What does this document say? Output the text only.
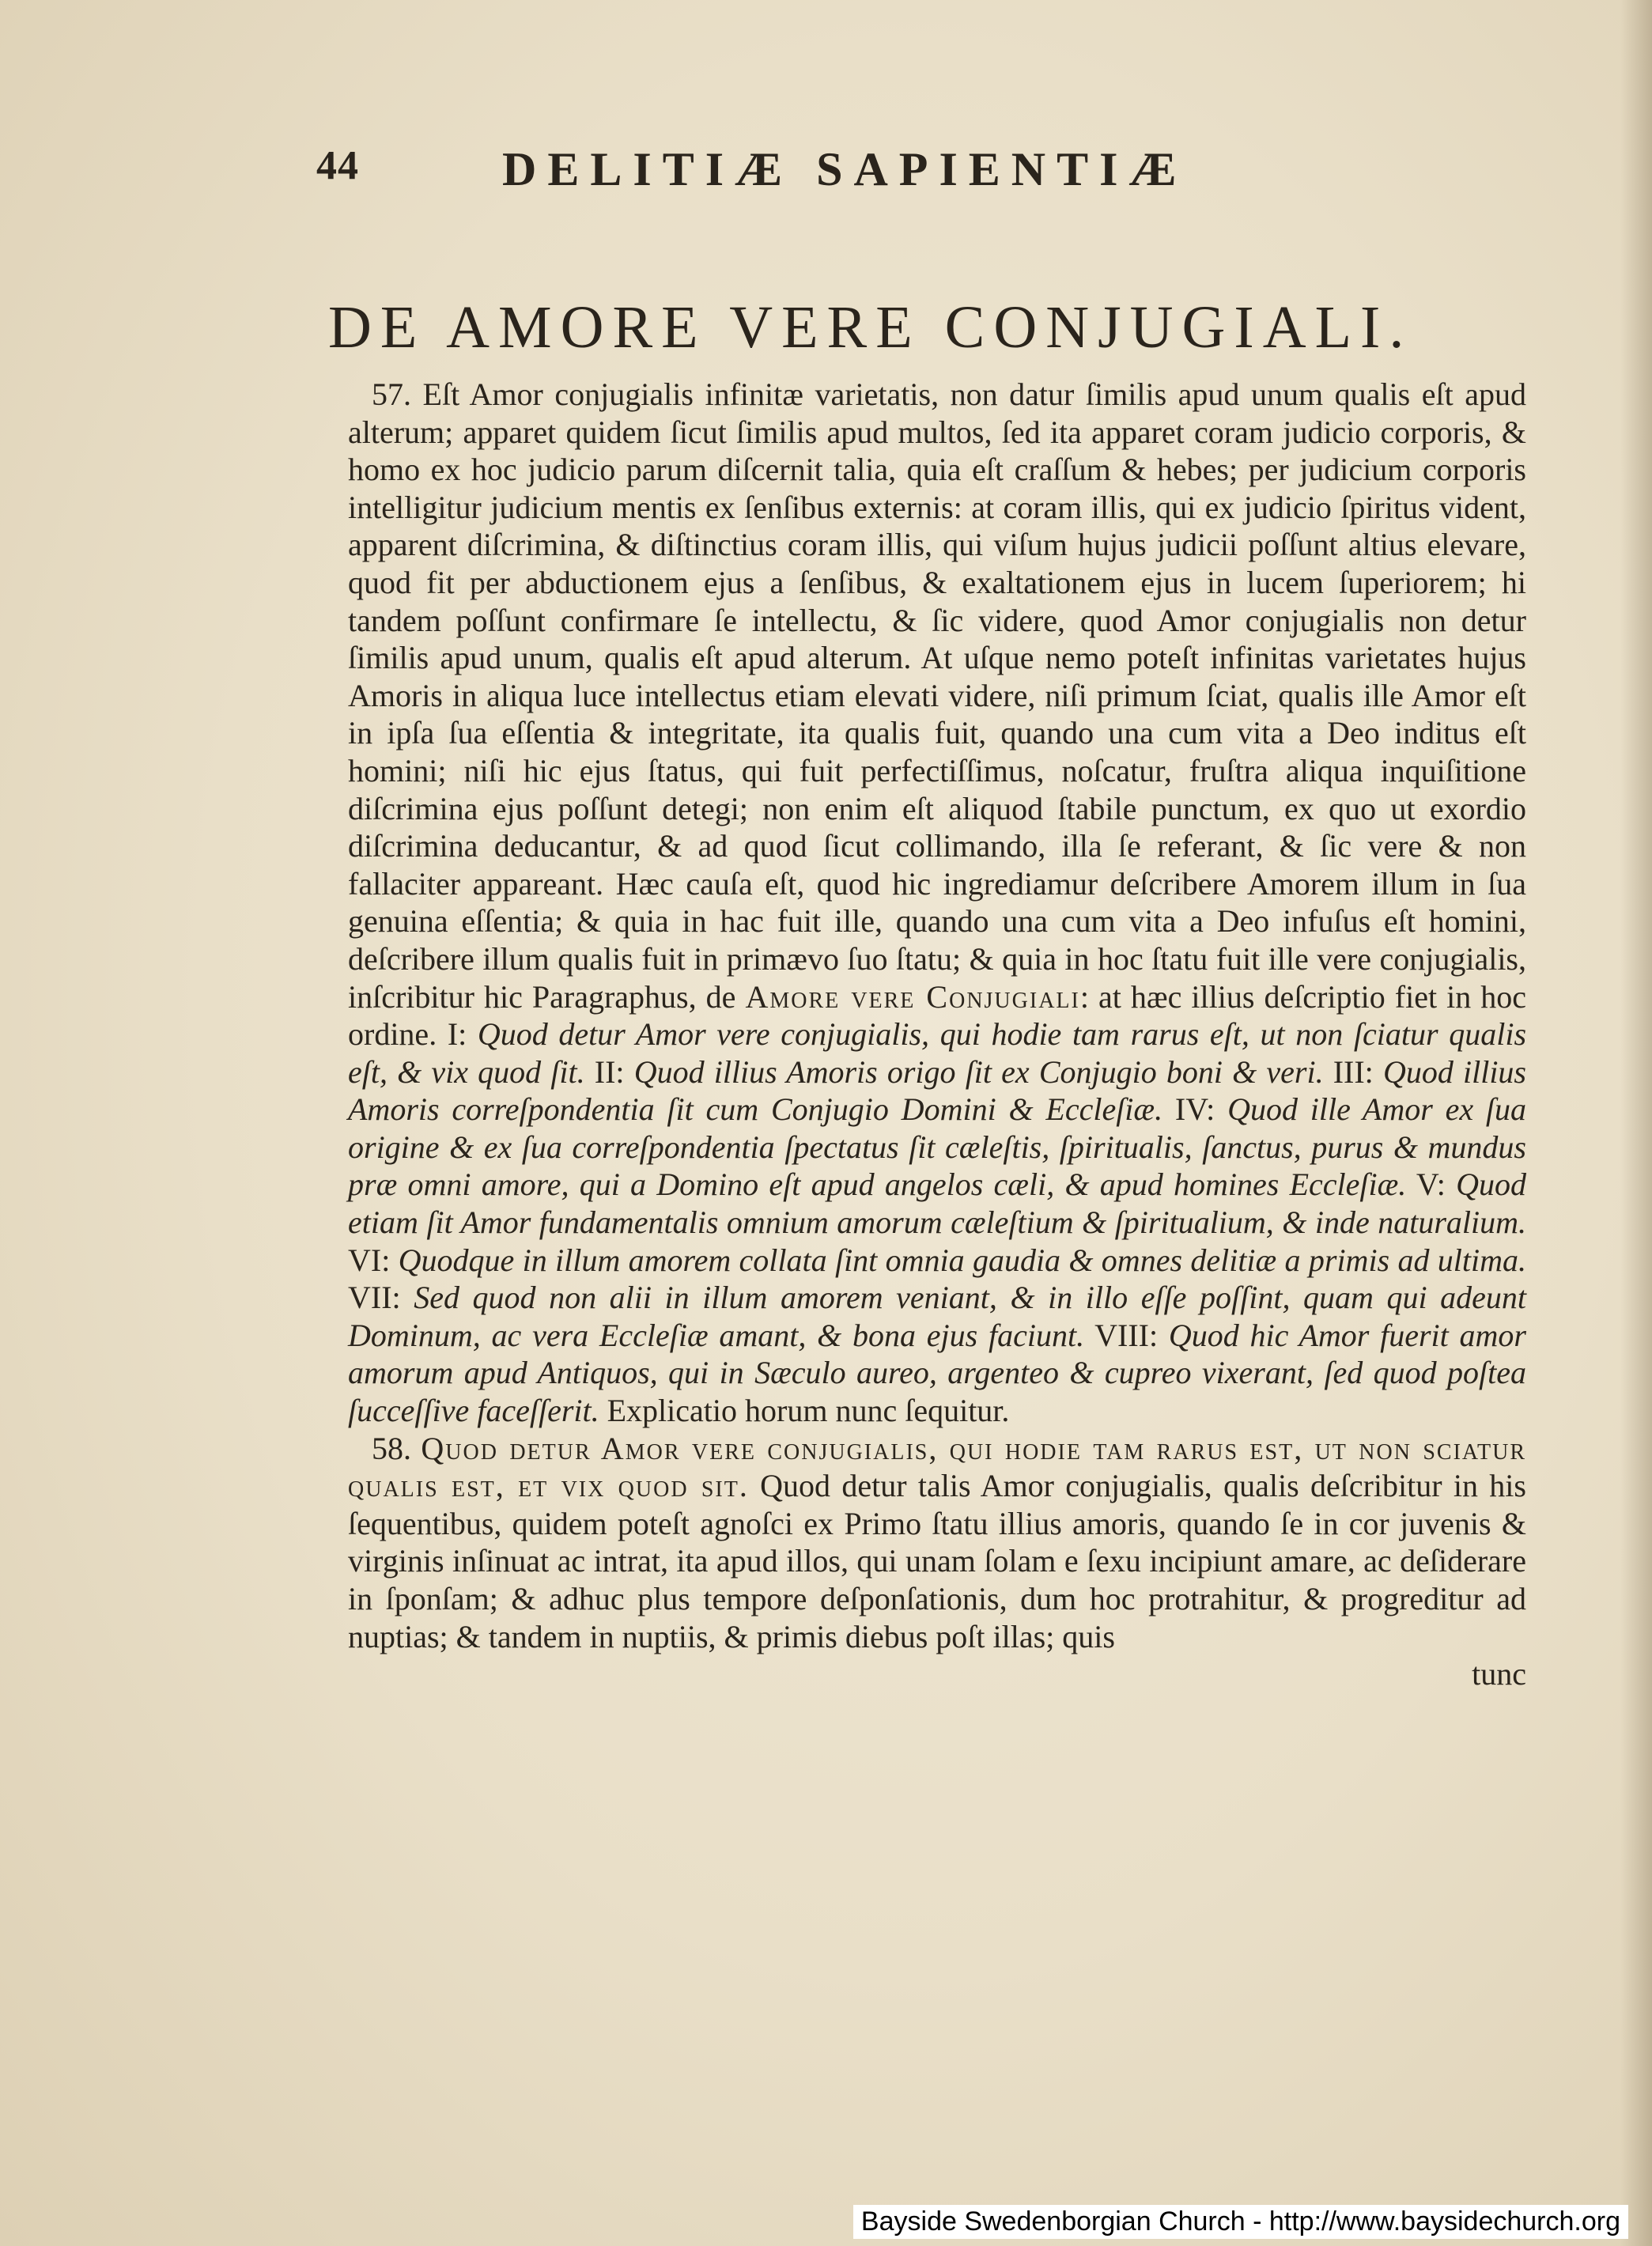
44	DELITIÆ SAPIENTIÆ
DE AMORE VERE CONJUGIALI.

57. Eſt Amor conjugialis infinitæ varietatis, non datur ſimilis apud unum qualis eſt apud alterum; apparet quidem ſicut ſimilis apud multos, ſed ita apparet coram judicio corporis, & homo ex hoc judicio parum diſcernit talia, quia eſt craſſum & hebes; per judicium corporis intelligitur judicium mentis ex ſenſibus externis: at coram illis, qui ex judicio ſpiritus vident, apparent diſcrimina, & diſtinctius coram illis, qui viſum hujus judicii poſſunt altius elevare, quod fit per abductionem ejus a ſenſibus, & exaltationem ejus in lucem ſuperiorem; hi tandem poſſunt confirmare ſe intellectu, & ſic videre, quod Amor conjugialis non detur ſimilis apud unum, qualis eſt apud alterum. At uſque nemo poteſt infinitas varietates hujus Amoris in aliqua luce intellectus etiam elevati videre, niſi primum ſciat, qualis ille Amor eſt in ipſa ſua eſſentia & integritate, ita qualis fuit, quando una cum vita a Deo inditus eſt homini; niſi hic ejus ſtatus, qui fuit perfectiſſimus, noſcatur, fruſtra aliqua inquiſitione diſcrimina ejus poſſunt detegi; non enim eſt aliquod ſtabile punctum, ex quo ut exordio diſcrimina deducantur, & ad quod ſicut collimando, illa ſe referant, & ſic vere & non fallaciter appareant. Hæc cauſa eſt, quod hic ingrediamur deſcribere Amorem illum in ſua genuina eſſentia; & quia in hac fuit ille, quando una cum vita a Deo infuſus eſt homini, deſcribere illum qualis fuit in primævo ſuo ſtatu; & quia in hoc ſtatu fuit ille vere conjugialis, inſcribitur hic Paragraphus, de Amore vere Conjugiali: at hæc illius deſcriptio fiet in hoc ordine. I: Quod detur Amor vere conjugialis, qui hodie tam rarus eſt, ut non ſciatur qualis eſt, & vix quod ſit. II: Quod illius Amoris origo ſit ex Conjugio boni & veri. III: Quod illius Amoris correſpondentia ſit cum Conjugio Domini & Eccleſiæ. IV: Quod ille Amor ex ſua origine & ex ſua correſpondentia ſpectatus ſit cæleſtis, ſpiritualis, ſanctus, purus & mundus præ omni amore, qui a Domino eſt apud angelos cæli, & apud homines Eccleſiæ. V: Quod etiam ſit Amor fundamentalis omnium amorum cæleſtium & ſpiritualium, & inde naturalium. VI: Quodque in illum amorem collata ſint omnia gaudia & omnes delitiæ a primis ad ultima. VII: Sed quod non alii in illum amorem veniant, & in illo eſſe poſſint, quam qui adeunt Dominum, ac vera Eccleſiæ amant, & bona ejus faciunt. VIII: Quod hic Amor fuerit amor amorum apud Antiquos, qui in Sæculo aureo, argenteo & cupreo vixerant, ſed quod poſtea ſucceſſive faceſſerit. Explicatio horum nunc ſequitur.

58. Quod detur Amor vere conjugialis, qui hodie tam rarus est, ut non sciatur qualis est, et vix quod sit. Quod detur talis Amor conjugialis, qualis deſcribitur in his ſequentibus, quidem poteſt agnoſci ex Primo ſtatu illius amoris, quando ſe in cor juvenis & virginis inſinuat ac intrat, ita apud illos, qui unam ſolam e ſexu incipiunt amare, ac deſiderare in ſponſam; & adhuc plus tempore deſponſationis, dum hoc protrahitur, & progreditur ad nuptias; & tandem in nuptiis, & primis diebus poſt illas; quis

tunc

Bayside Swedenborgian Church - http://www.baysidechurch.org
